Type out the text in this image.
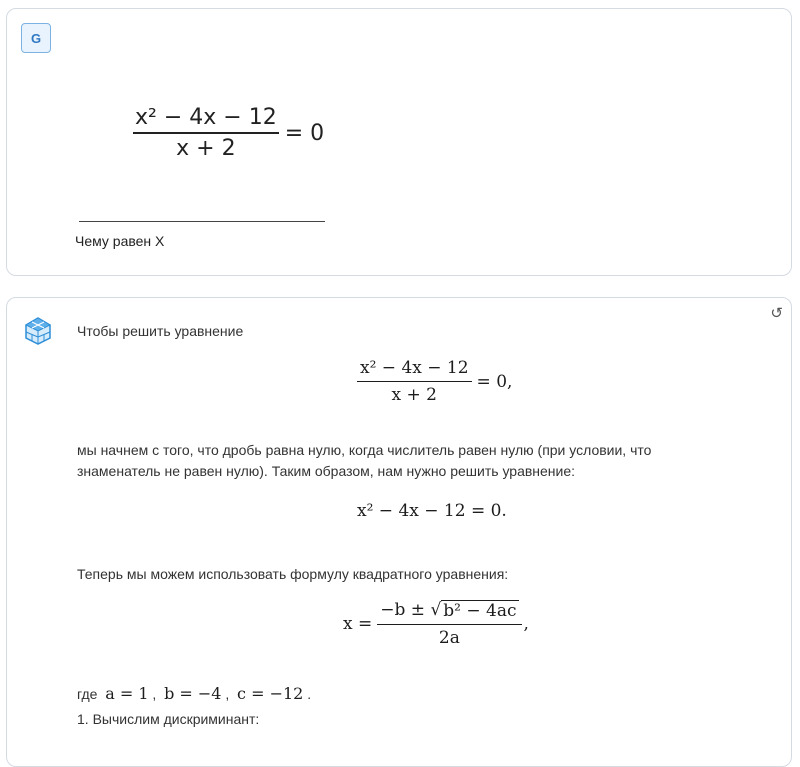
G
$\frac{\text{x² − 4x − 12}}{x + 2} = 0$
Чему равен Х
↺
Чтобы решить уравнение
$\frac{\text{x² − 4x − 12}}{x + 2} = 0$,
мы начнем с того, что дробь равна нулю, когда числитель равен нулю (при условии, что
знаменатель не равен нулю). Таким образом, нам нужно решить уравнение:
x² − 4x − 12 = 0.
Теперь мы можем использовать формулу квадратного уравнения:
$x = \frac{\text{−b ± √ b² − 4ac}}{2a}$ ,
где a = 1 ,  b = −4 ,  c = −12 .
1. Вычислим дискриминант:
